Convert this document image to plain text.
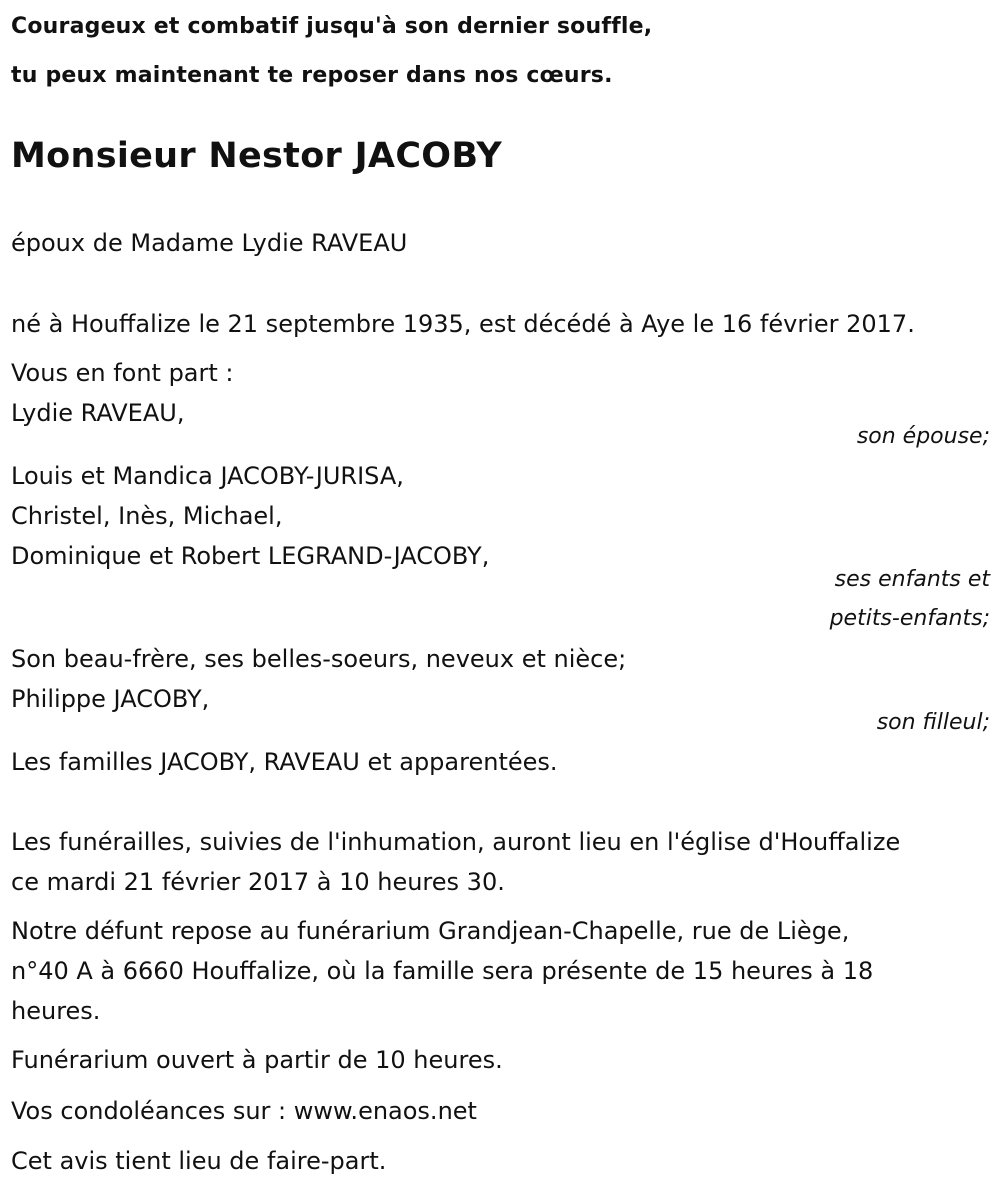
Courageux et combatif jusqu'à son dernier souffle,
tu peux maintenant te reposer dans nos cœurs.
Monsieur Nestor JACOBY
époux de Madame Lydie RAVEAU
né à Houffalize le 21 septembre 1935, est décédé à Aye le 16 février 2017.
Vous en font part :
Lydie RAVEAU,
son épouse;
Louis et Mandica JACOBY-JURISA,
Christel, Inès, Michael,
Dominique et Robert LEGRAND-JACOBY,
ses enfants et
petits-enfants;
Son beau-frère, ses belles-soeurs, neveux et nièce;
Philippe JACOBY,
son filleul;
Les familles JACOBY, RAVEAU et apparentées.
Les funérailles, suivies de l'inhumation, auront lieu en l'église d'Houffalize
ce mardi 21 février 2017 à 10 heures 30.
Notre défunt repose au funérarium Grandjean-Chapelle, rue de Liège,
n°40 A à 6660 Houffalize, où la famille sera présente de 15 heures à 18
heures.
Funérarium ouvert à partir de 10 heures.
Vos condoléances sur : www.enaos.net
Cet avis tient lieu de faire-part.
